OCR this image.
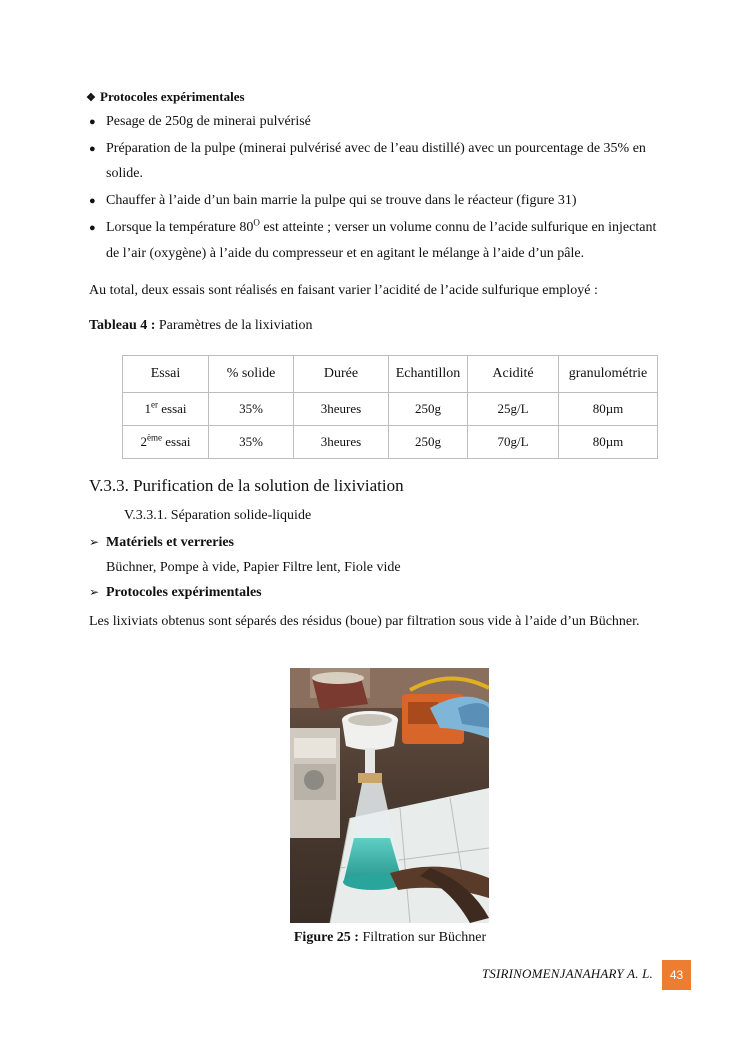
❖ Protocoles expérimentales
● Pesage de 250g de minerai pulvérisé
● Préparation de la pulpe (minerai pulvérisé avec de l’eau distillé) avec un pourcentage de 35% en
solide.
● Chauffer à l’aide d’un bain marrie la pulpe qui se trouve dans le réacteur (figure 31)
● Lorsque la température $80^O$ est atteinte ; verser un volume connu de l’acide sulfurique en injectant
de l’air (oxygène) à l’aide du compresseur et en agitant le mélange à l’aide d’un pâle.
Au total, deux essais sont réalisés en faisant varier l’acidité de l’acide sulfurique employé :
Tableau 4 : Paramètres de la lixiviation
Essai	% solide	Durée	Echantillon	Acidité	granulométrie
1er essai	35%	3heures	250g	25g/L	80µm
2ème essai	35%	3heures	250g	70g/L	80µm
V.3.3. Purification de la solution de lixiviation
V.3.3.1. Séparation solide-liquide
➢ Matériels et verreries
Büchner, Pompe à vide, Papier Filtre lent, Fiole vide
➢ Protocoles expérimentales
Les lixiviats obtenus sont séparés des résidus (boue) par filtration sous vide à l’aide d’un Büchner.
Figure 25 : Filtration sur Büchner
TSIRINOMENJANAHARY A. L.	43
